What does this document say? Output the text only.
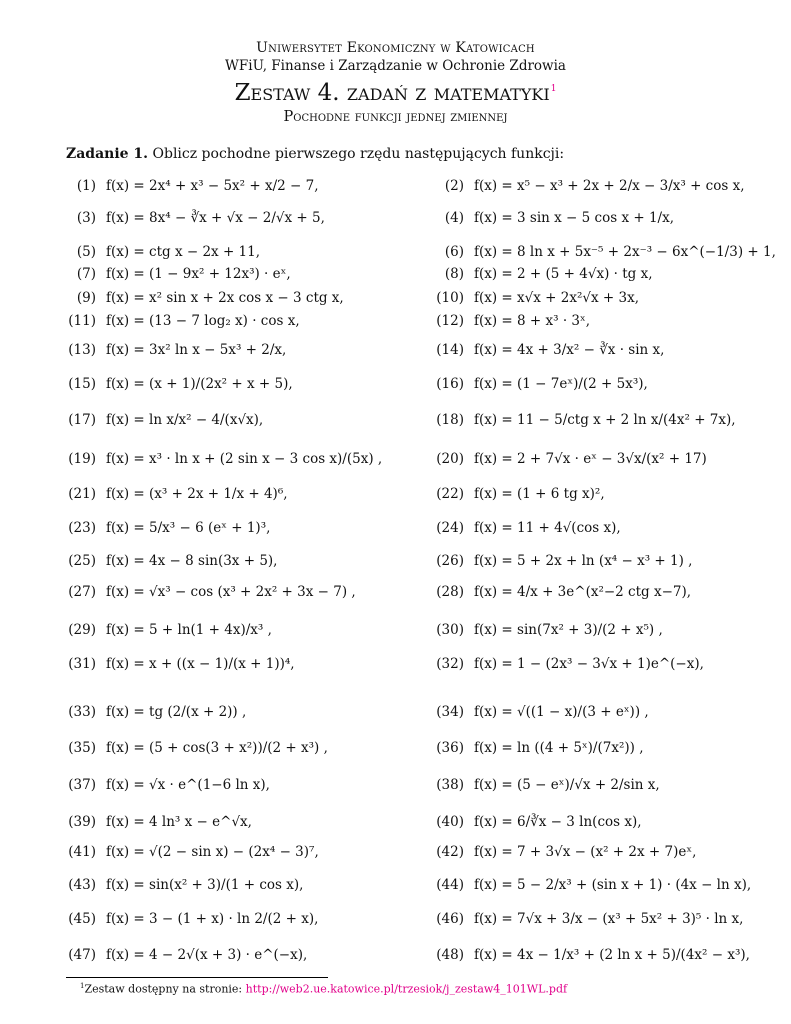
Uniwersytet Ekonomiczny w Katowicach
WFiU, Finanse i Zarządzanie w Ochronie Zdrowia
Zestaw 4. zadań z matematyki$^1$
Pochodne funkcji jednej zmiennej
Zadanie 1. Oblicz pochodne pierwszego rzędu następujących funkcji:
(1) f(x) = 2x⁴ + x³ − 5x² + x/2 − 7,
(3) f(x) = 8x⁴ − ∛x + √x − 2/√x + 5,
(5) f(x) = ctg x − 2x + 11,
(7) f(x) = (1 − 9x² + 12x³) · eˣ,
(9) f(x) = x² sin x + 2x cos x − 3 ctg x,
(11) f(x) = (13 − 7 log₂ x) · cos x,
(13) f(x) = 3x² ln x − 5x³ + 2/x,
(15) f(x) = (x + 1)/(2x² + x + 5),
(17) f(x) = ln x/x² − 4/(x√x),
(19) f(x) = x³ · ln x + (2 sin x − 3 cos x)/(5x) ,
(21) f(x) = (x³ + 2x + 1/x + 4)⁶,
(23) f(x) = 5/x³ − 6 (eˣ + 1)³,
(25) f(x) = 4x − 8 sin(3x + 5),
(27) f(x) = √x³ − cos (x³ + 2x² + 3x − 7) ,
(29) f(x) = 5 + ln(1 + 4x)/x³ ,
(31) f(x) = x + ((x − 1)/(x + 1))⁴,
(33) f(x) = tg (2/(x + 2)) ,
(35) f(x) = (5 + cos(3 + x²))/(2 + x³) ,
(37) f(x) = √x · e^(1−6 ln x),
(39) f(x) = 4 ln³ x − e^√x,
(41) f(x) = √(2 − sin x) − (2x⁴ − 3)⁷,
(43) f(x) = sin(x² + 3)/(1 + cos x),
(45) f(x) = 3 − (1 + x) · ln 2/(2 + x),
(47) f(x) = 4 − 2√(x + 3) · e^(−x),
(2) f(x) = x⁵ − x³ + 2x + 2/x − 3/x³ + cos x,
(4) f(x) = 3 sin x − 5 cos x + 1/x,
(6) f(x) = 8 ln x + 5x⁻⁵ + 2x⁻³ − 6x^(−1/3) + 1,
(8) f(x) = 2 + (5 + 4√x) · tg x,
(10) f(x) = x√x + 2x²√x + 3x,
(12) f(x) = 8 + x³ · 3ˣ,
(14) f(x) = 4x + 3/x² − ∛x · sin x,
(16) f(x) = (1 − 7eˣ)/(2 + 5x³),
(18) f(x) = 11 − 5/ctg x + 2 ln x/(4x² + 7x),
(20) f(x) = 2 + 7√x · eˣ − 3√x/(x² + 17)
(22) f(x) = (1 + 6 tg x)²,
(24) f(x) = 11 + 4√(cos x),
(26) f(x) = 5 + 2x + ln (x⁴ − x³ + 1) ,
(28) f(x) = 4/x + 3e^(x²−2 ctg x−7),
(30) f(x) = sin(7x² + 3)/(2 + x⁵) ,
(32) f(x) = 1 − (2x³ − 3√x + 1)e^(−x),
(34) f(x) = √((1 − x)/(3 + eˣ)) ,
(36) f(x) = ln ((4 + 5ˣ)/(7x²)) ,
(38) f(x) = (5 − eˣ)/√x + 2/sin x,
(40) f(x) = 6/∛x − 3 ln(cos x),
(42) f(x) = 7 + 3√x − (x² + 2x + 7)eˣ,
(44) f(x) = 5 − 2/x³ + (sin x + 1) · (4x − ln x),
(46) f(x) = 7√x + 3/x − (x³ + 5x² + 3)⁵ · ln x,
(48) f(x) = 4x − 1/x³ + (2 ln x + 5)/(4x² − x³),
$^1$Zestaw dostępny na stronie: http://web2.ue.katowice.pl/trzesiok/j_zestaw4_101WL.pdf
